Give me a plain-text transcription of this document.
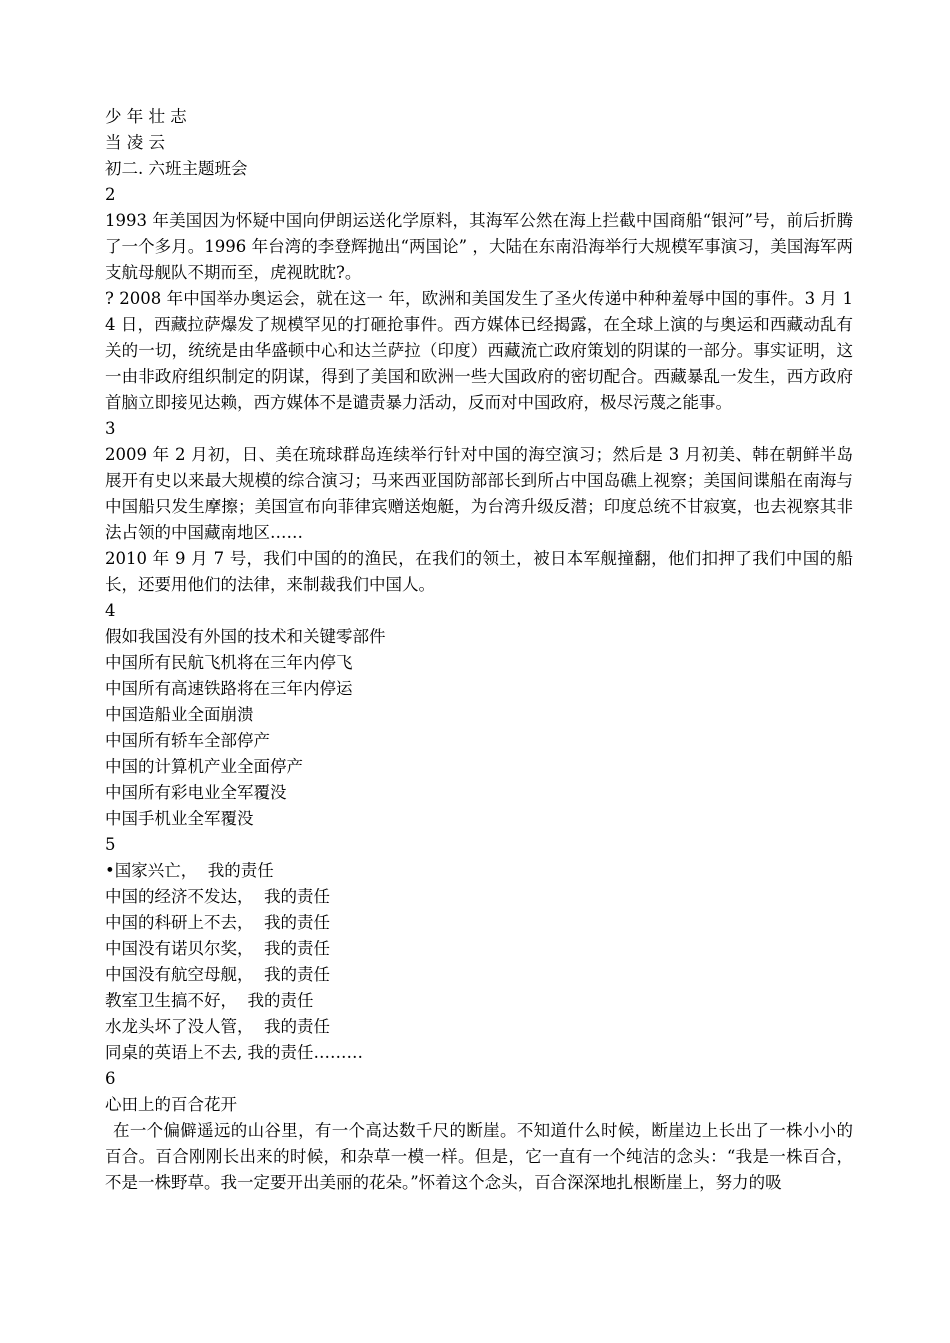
少 年 壮 志

当 凌 云

初二. 六班主题班会

2

1993 年美国因为怀疑中国向伊朗运送化学原料，其海军公然在海上拦截中国商船“银河”号，前后折腾了一个多月。1996 年台湾的李登辉抛出“两国论” ，大陆在东南沿海举行大规模军事演习，美国海军两支航母舰队不期而至，虎视眈眈?。

? 2008 年中国举办奥运会，就在这一 年，欧洲和美国发生了圣火传递中种种羞辱中国的事件。3 月 14 日，西藏拉萨爆发了规模罕见的打砸抢事件。西方媒体已经揭露，在全球上演的与奥运和西藏动乱有关的一切，统统是由华盛顿中心和达兰萨拉（印度）西藏流亡政府策划的阴谋的一部分。事实证明，这一由非政府组织制定的阴谋，得到了美国和欧洲一些大国政府的密切配合。西藏暴乱一发生，西方政府首脑立即接见达赖，西方媒体不是谴责暴力活动，反而对中国政府，极尽污蔑之能事。

3

2009 年 2 月初，日、美在琉球群岛连续举行针对中国的海空演习；然后是 3 月初美、韩在朝鲜半岛展开有史以来最大规模的综合演习；马来西亚国防部部长到所占中国岛礁上视察；美国间谍船在南海与中国船只发生摩擦；美国宣布向菲律宾赠送炮艇，为台湾升级反潜；印度总统不甘寂寞，也去视察其非法占领的中国藏南地区……

2010 年 9 月 7 号，我们中国的的渔民，在我们的领土，被日本军舰撞翻，他们扣押了我们中国的船长，还要用他们的法律，来制裁我们中国人。

4

假如我国没有外国的技术和关键零部件

中国所有民航飞机将在三年内停飞

中国所有高速铁路将在三年内停运

中国造船业全面崩溃

中国所有轿车全部停产

中国的计算机产业全面停产

中国所有彩电业全军覆没

中国手机业全军覆没

5

•国家兴亡，  我的责任

中国的经济不发达，  我的责任

中国的科研上不去，  我的责任

中国没有诺贝尔奖，  我的责任

中国没有航空母舰，  我的责任

教室卫生搞不好，  我的责任

水龙头坏了没人管，  我的责任

同桌的英语上不去, 我的责任………

6

心田上的百合花开

在一个偏僻遥远的山谷里，有一个高达数千尺的断崖。不知道什么时候，断崖边上长出了一株小小的百合。百合刚刚长出来的时候，和杂草一模一样。但是，它一直有一个纯洁的念头：“我是一株百合，不是一株野草。我一定要开出美丽的花朵。”怀着这个念头，百合深深地扎根断崖上，努力的吸
